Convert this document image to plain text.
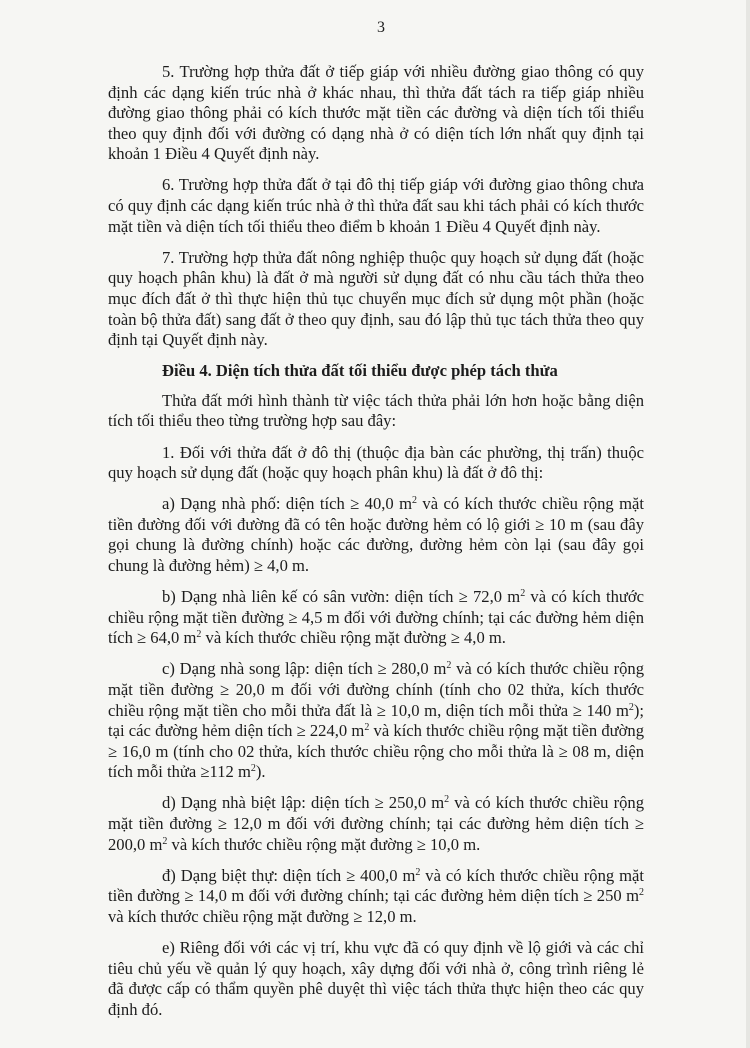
3

5. Trường hợp thửa đất ở tiếp giáp với nhiều đường giao thông có quy định các dạng kiến trúc nhà ở khác nhau, thì thửa đất tách ra tiếp giáp nhiều đường giao thông phải có kích thước mặt tiền các đường và diện tích tối thiểu theo quy định đối với đường có dạng nhà ở có diện tích lớn nhất quy định tại khoản 1 Điều 4 Quyết định này.

6. Trường hợp thửa đất ở tại đô thị tiếp giáp với đường giao thông chưa có quy định các dạng kiến trúc nhà ở thì thửa đất sau khi tách phải có kích thước mặt tiền và diện tích tối thiểu theo điểm b khoản 1 Điều 4 Quyết định này.

7. Trường hợp thửa đất nông nghiệp thuộc quy hoạch sử dụng đất (hoặc quy hoạch phân khu) là đất ở mà người sử dụng đất có nhu cầu tách thửa theo mục đích đất ở thì thực hiện thủ tục chuyển mục đích sử dụng một phần (hoặc toàn bộ thửa đất) sang đất ở theo quy định, sau đó lập thủ tục tách thửa theo quy định tại Quyết định này.

Điều 4. Diện tích thửa đất tối thiểu được phép tách thửa

Thửa đất mới hình thành từ việc tách thửa phải lớn hơn hoặc bằng diện tích tối thiểu theo từng trường hợp sau đây:

1. Đối với thửa đất ở đô thị (thuộc địa bàn các phường, thị trấn) thuộc quy hoạch sử dụng đất (hoặc quy hoạch phân khu) là đất ở đô thị:

a) Dạng nhà phố: diện tích ≥ 40,0 $m^2$ và có kích thước chiều rộng mặt tiền đường đối với đường đã có tên hoặc đường hẻm có lộ giới ≥ 10 m (sau đây gọi chung là đường chính) hoặc các đường, đường hẻm còn lại (sau đây gọi chung là đường hẻm) ≥ 4,0 m.

b) Dạng nhà liên kế có sân vườn: diện tích ≥ 72,0 $m^2$ và có kích thước chiều rộng mặt tiền đường ≥ 4,5 m đối với đường chính; tại các đường hẻm diện tích ≥ 64,0 $m^2$ và kích thước chiều rộng mặt đường ≥ 4,0 m.

c) Dạng nhà song lập: diện tích ≥ 280,0 $m^2$ và có kích thước chiều rộng mặt tiền đường ≥ 20,0 m đối với đường chính (tính cho 02 thửa, kích thước chiều rộng mặt tiền cho mỗi thửa đất là ≥ 10,0 m, diện tích mỗi thửa ≥ 140 $m^2$); tại các đường hẻm diện tích ≥ 224,0 $m^2$ và kích thước chiều rộng mặt tiền đường ≥ 16,0 m (tính cho 02 thửa, kích thước chiều rộng cho mỗi thửa là ≥ 08 m, diện tích mỗi thửa ≥112 $m^2$).

d) Dạng nhà biệt lập: diện tích ≥ 250,0 $m^2$ và có kích thước chiều rộng mặt tiền đường ≥ 12,0 m đối với đường chính; tại các đường hẻm diện tích ≥ 200,0 $m^2$ và kích thước chiều rộng mặt đường ≥ 10,0 m.

đ) Dạng biệt thự: diện tích ≥ 400,0 $m^2$ và có kích thước chiều rộng mặt tiền đường ≥ 14,0 m đối với đường chính; tại các đường hẻm diện tích ≥ 250 $m^2$ và kích thước chiều rộng mặt đường ≥ 12,0 m.

e) Riêng đối với các vị trí, khu vực đã có quy định về lộ giới và các chỉ tiêu chủ yếu về quản lý quy hoạch, xây dựng đối với nhà ở, công trình riêng lẻ đã được cấp có thẩm quyền phê duyệt thì việc tách thửa thực hiện theo các quy định đó.
